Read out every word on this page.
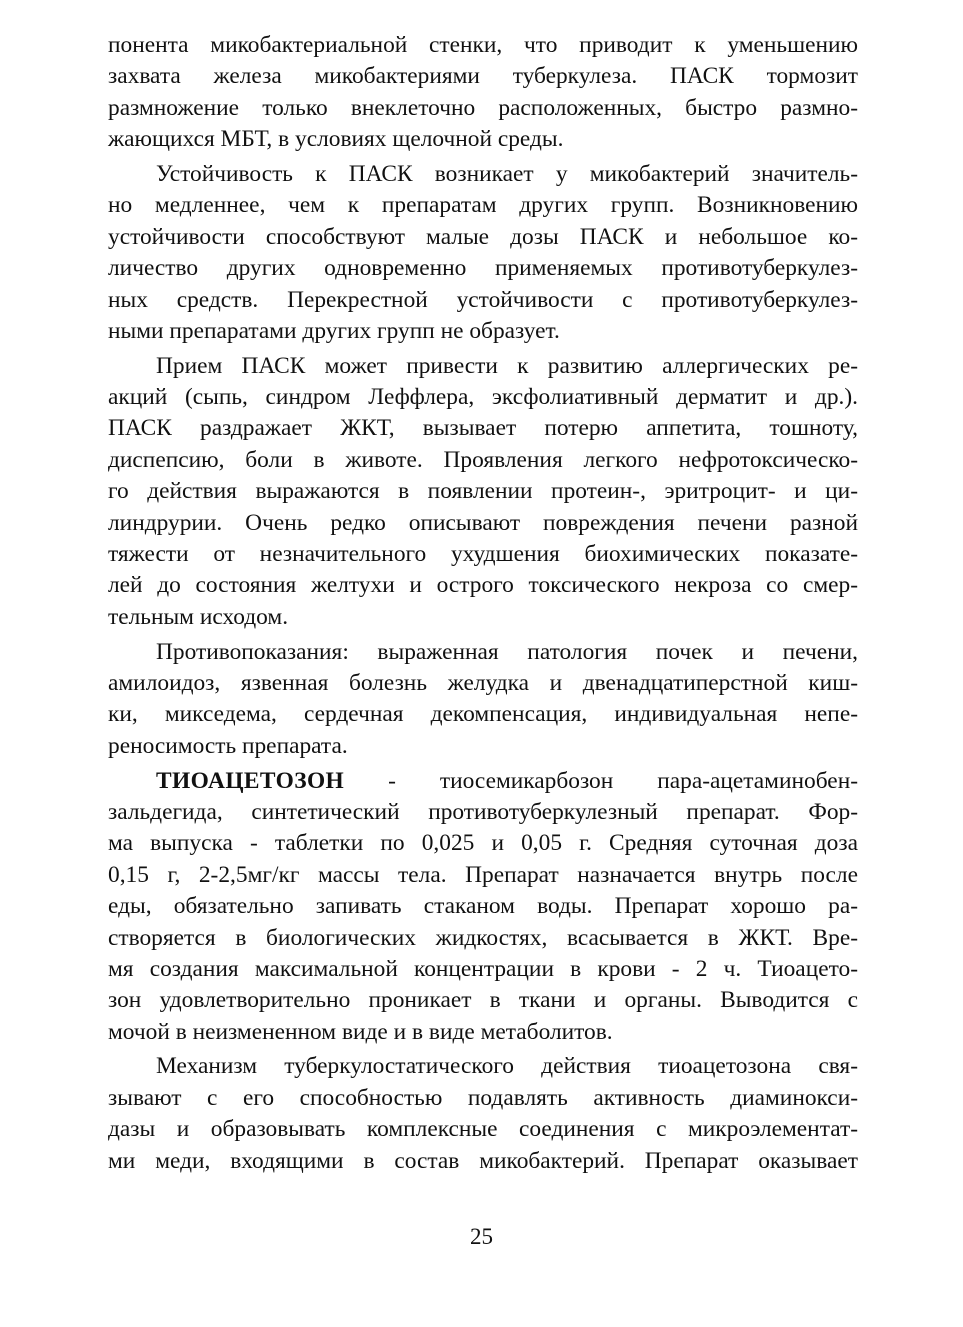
понента микобактериальной стенки, что приводит к уменьшению
захвата железа микобактериями туберкулеза. ПАСК тормозит
размножение только внеклеточно расположенных, быстро размно-
жающихся МБТ, в условиях щелочной среды.
Устойчивость к ПАСК возникает у микобактерий значитель-
но медленнее, чем к препаратам других групп. Возникновению
устойчивости способствуют малые дозы ПАСК и небольшое ко-
личество других одновременно применяемых противотуберкулез-
ных средств. Перекрестной устойчивости с противотуберкулез-
ными препаратами других групп не образует.
Прием ПАСК может привести к развитию аллергических ре-
акций (сыпь, синдром Леффлера, эксфолиативный дерматит и др.).
ПАСК раздражает ЖКТ, вызывает потерю аппетита, тошноту,
диспепсию, боли в животе. Проявления легкого нефротоксическо-
го действия выражаются в появлении протеин-, эритроцит- и ци-
линдрурии. Очень редко описывают повреждения печени разной
тяжести от незначительного ухудшения биохимических показате-
лей до состояния желтухи и острого токсического некроза со смер-
тельным исходом.
Противопоказания: выраженная патология почек и печени,
амилоидоз, язвенная болезнь желудка и двенадцатиперстной киш-
ки, микседема, сердечная декомпенсация, индивидуальная непе-
реносимость препарата.
ТИОАЦЕТОЗОН - тиосемикарбозон пара-ацетаминобен-
зальдегида, синтетический противотуберкулезный препарат. Фор-
ма выпуска - таблетки по 0,025 и 0,05 г. Средняя суточная доза
0,15 г, 2-2,5мг/кг массы тела. Препарат назначается внутрь после
еды, обязательно запивать стаканом воды. Препарат хорошо ра-
створяется в биологических жидкостях, всасывается в ЖКТ. Вре-
мя создания максимальной концентрации в крови - 2 ч. Тиоацето-
зон удовлетворительно проникает в ткани и органы. Выводится с
мочой в неизмененном виде и в виде метаболитов.
Механизм туберкулостатического действия тиоацетозона свя-
зывают с его способностью подавлять активность диаминокси-
дазы и образовывать комплексные соединения с микроэлементат-
ми меди, входящими в состав микобактерий. Препарат оказывает
25
